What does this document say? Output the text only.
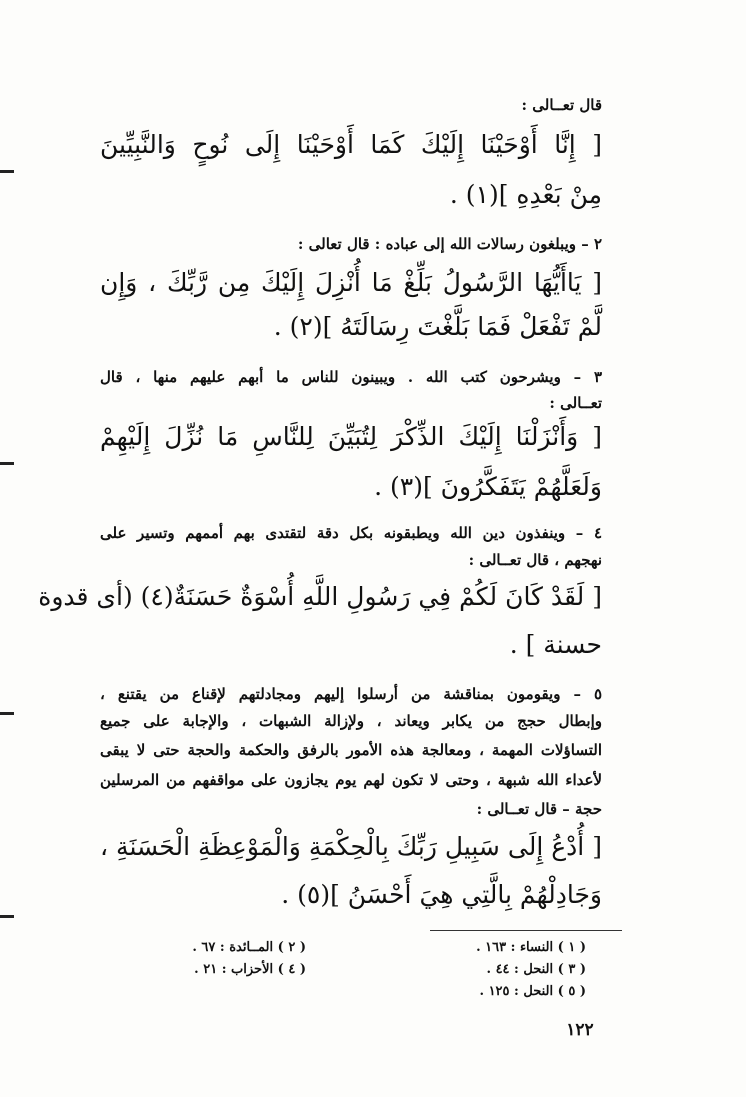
قال تعــالى :
[ إِنَّا أَوْحَيْنَا إِلَيْكَ كَمَا أَوْحَيْنَا إِلَى نُوحٍ وَالنَّبِيِّينَ
مِنْ بَعْدِهِ ](١) .
٢ – ويبلغون رسالات الله إلى عباده : قال تعالى :
[ يَاأَيُّهَا الرَّسُولُ بَلِّغْ مَا أُنْزِلَ إِلَيْكَ مِن رَّبِّكَ ، وَإِن
لَّمْ تَفْعَلْ فَمَا بَلَّغْتَ رِسَالَتَهُ ](٢) .
٣ – ويشرحون كتب الله . ويبينون للناس ما أبهم عليهم منها ، قال
تعــالى :
[ وَأَنْزَلْنَا إِلَيْكَ الذِّكْرَ لِتُبَيِّنَ لِلنَّاسِ مَا نُزِّلَ إِلَيْهِمْ
وَلَعَلَّهُمْ يَتَفَكَّرُونَ ](٣) .
٤ – وينفذون دين الله ويطبقونه بكل دقة لتقتدى بهم أممهم وتسير على
نهجهم ، قال تعــالى :
[ لَقَدْ كَانَ لَكُمْ فِي رَسُولِ اللَّهِ أُسْوَةٌ حَسَنَةٌ(٤) (أى قدوة
حسنة ] .
٥ – ويقومون بمناقشة من أرسلوا إليهم ومجادلتهم لإقناع من يقتنع ،
وإبطال حجج من يكابر ويعاند ، ولإزالة الشبهات ، والإجابة على جميع
التساؤلات المهمة ، ومعالجة هذه الأمور بالرفق والحكمة والحجة حتى لا يبقى
لأعداء الله شبهة ، وحتى لا تكون لهم يوم يجازون على مواقفهم من المرسلين
حجة – قال تعــالى :
[ أُدْعُ إِلَى سَبِيلِ رَبِّكَ بِالْحِكْمَةِ وَالْمَوْعِظَةِ الْحَسَنَةِ ،
وَجَادِلْهُمْ بِالَّتِي هِيَ أَحْسَنُ ](٥) .
( ١ ) النساء : ١٦٣ .
( ٢ ) المــائدة : ٦٧ .
( ٣ ) النحل : ٤٤ .
( ٤ ) الأحزاب : ٢١ .
( ٥ ) النحل : ١٢٥ .
١٢٢
